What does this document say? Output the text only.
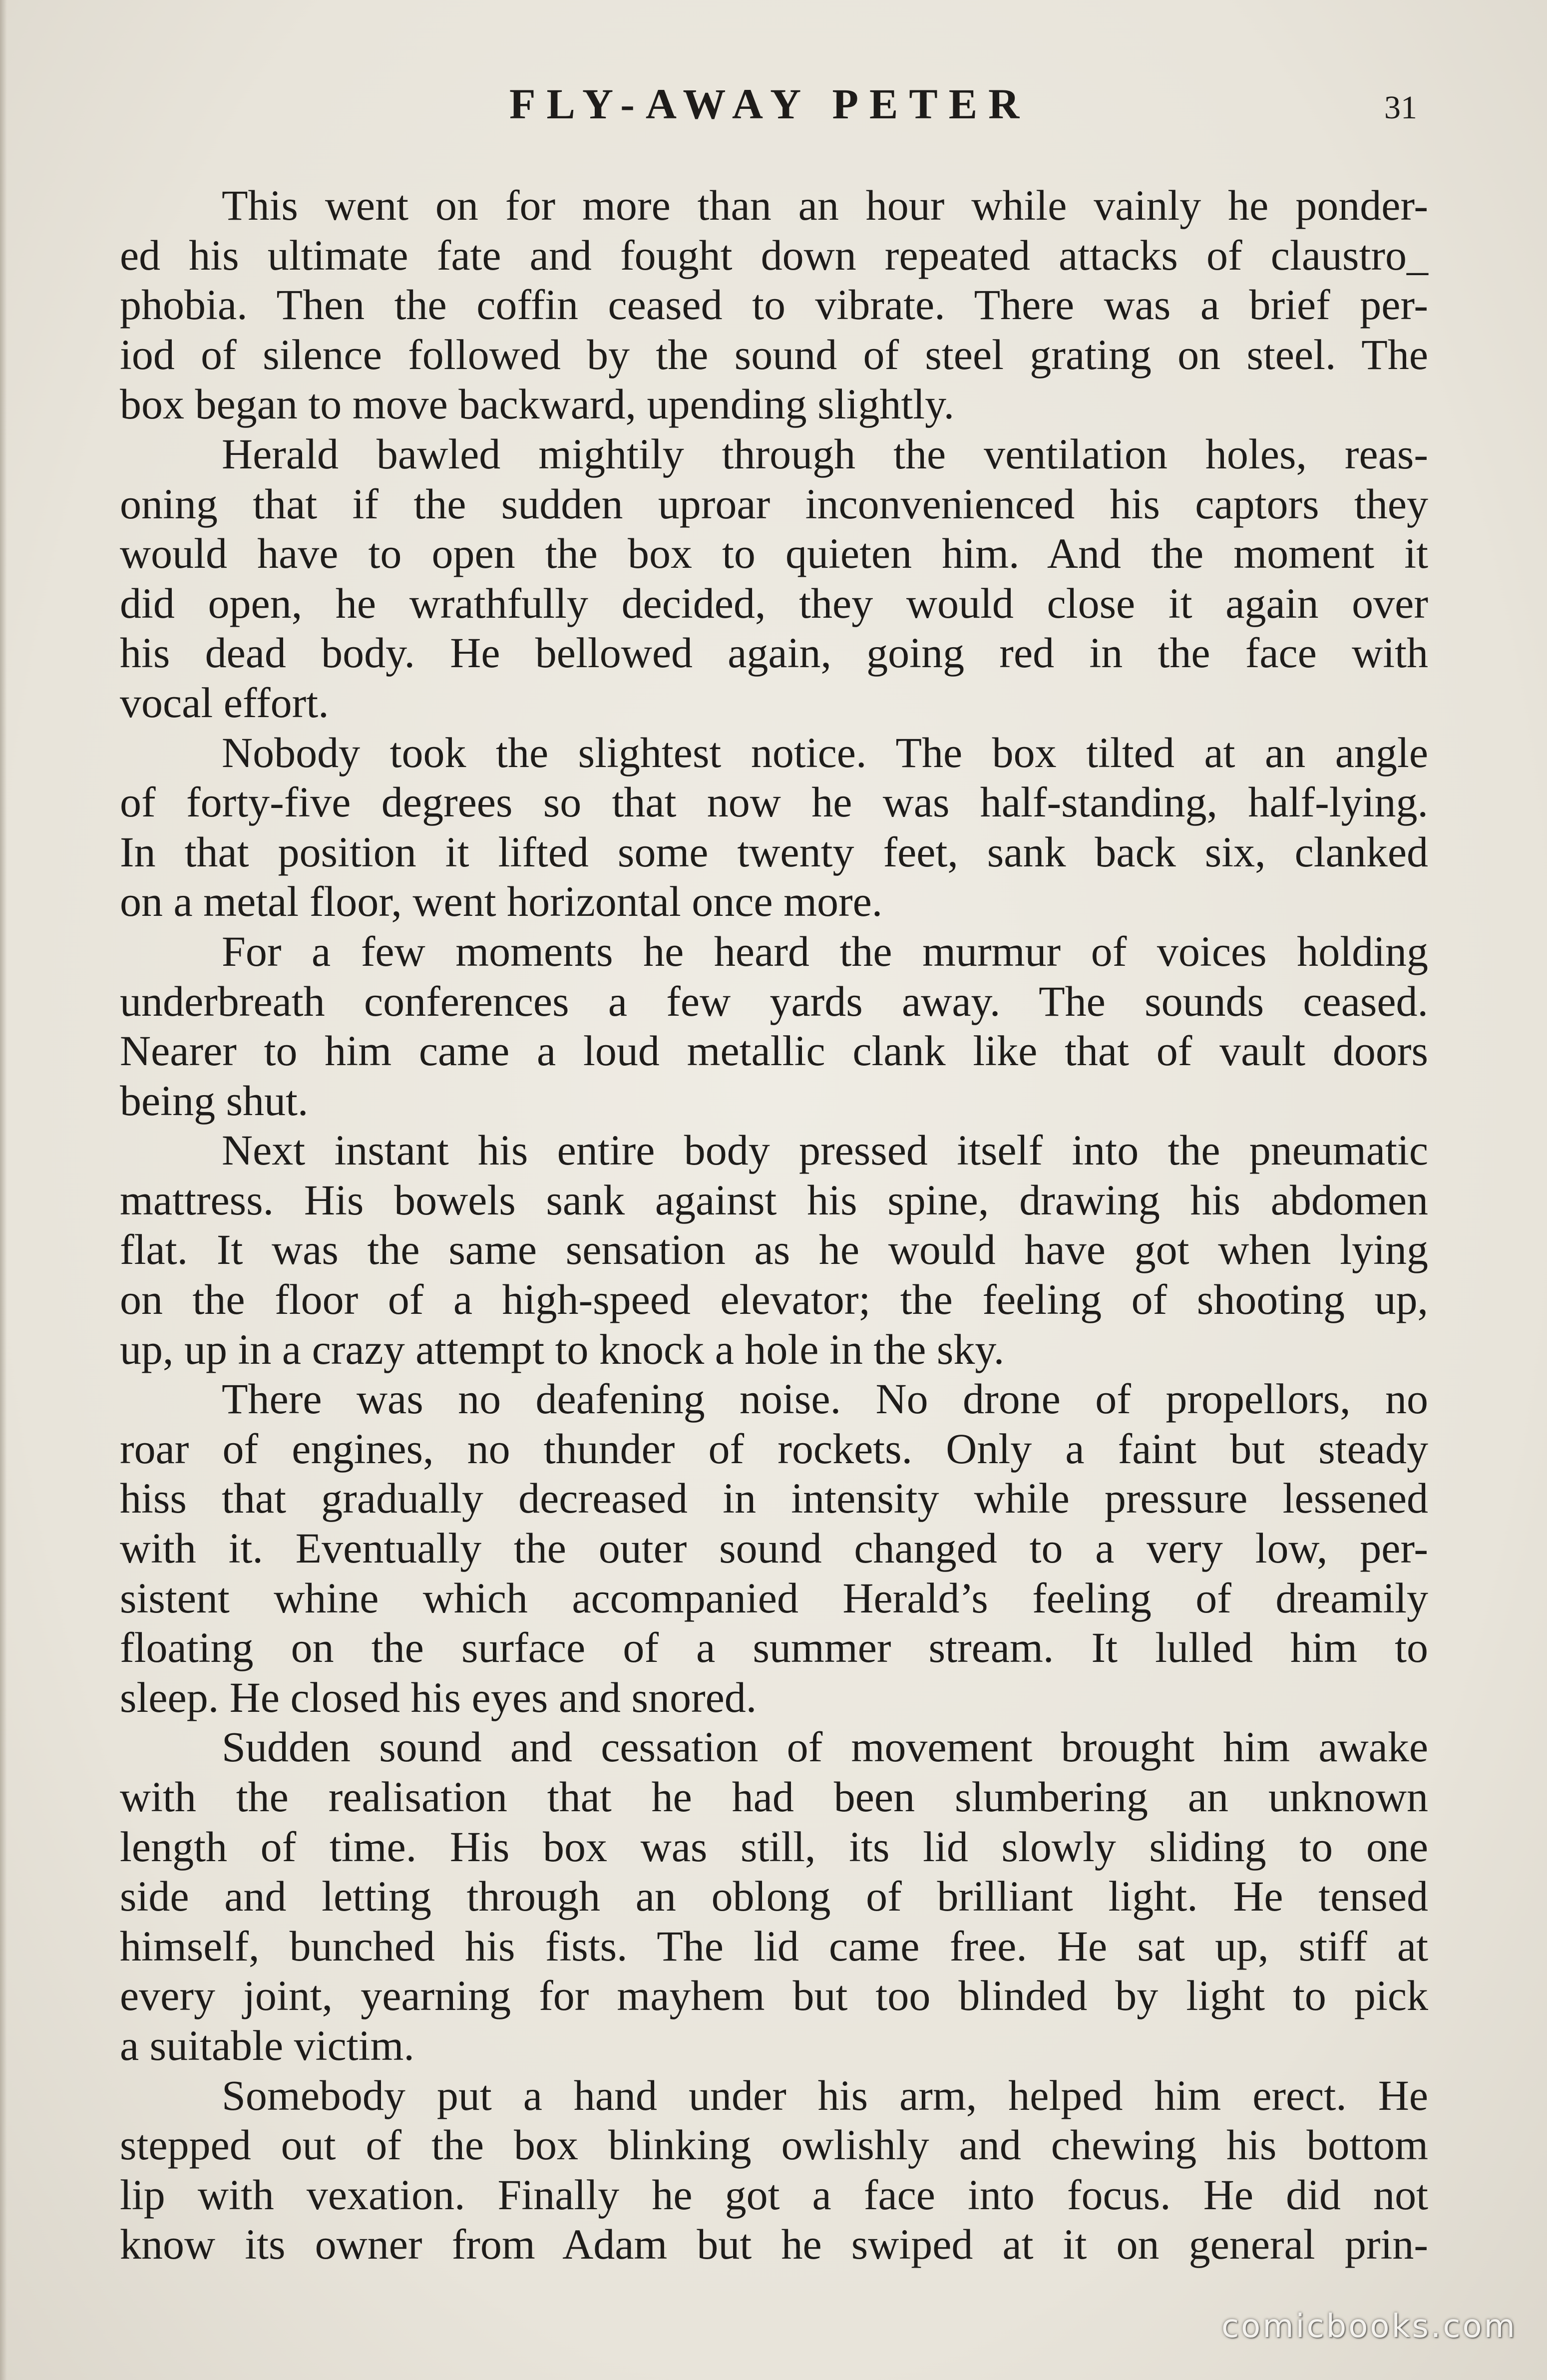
FLY-AWAY PETER	31
This went on for more than an hour while vainly he ponder-
ed his ultimate fate and fought down repeated attacks of claustro_
phobia. Then the coffin ceased to vibrate. There was a brief per-
iod of silence followed by the sound of steel grating on steel. The
box began to move backward, upending slightly.
Herald bawled mightily through the ventilation holes, reas-
oning that if the sudden uproar inconvenienced his captors they
would have to open the box to quieten him. And the moment it
did open, he wrathfully decided, they would close it again over
his dead body. He bellowed again, going red in the face with
vocal effort.
Nobody took the slightest notice. The box tilted at an angle
of forty-five degrees so that now he was half-standing, half-lying.
In that position it lifted some twenty feet, sank back six, clanked
on a metal floor, went horizontal once more.
For a few moments he heard the murmur of voices holding
underbreath conferences a few yards away. The sounds ceased.
Nearer to him came a loud metallic clank like that of vault doors
being shut.
Next instant his entire body pressed itself into the pneumatic
mattress. His bowels sank against his spine, drawing his abdomen
flat. It was the same sensation as he would have got when lying
on the floor of a high-speed elevator; the feeling of shooting up,
up, up in a crazy attempt to knock a hole in the sky.
There was no deafening noise. No drone of propellors, no
roar of engines, no thunder of rockets. Only a faint but steady
hiss that gradually decreased in intensity while pressure lessened
with it. Eventually the outer sound changed to a very low, per-
sistent whine which accompanied Herald’s feeling of dreamily
floating on the surface of a summer stream. It lulled him to
sleep. He closed his eyes and snored.
Sudden sound and cessation of movement brought him awake
with the realisation that he had been slumbering an unknown
length of time. His box was still, its lid slowly sliding to one
side and letting through an oblong of brilliant light. He tensed
himself, bunched his fists. The lid came free. He sat up, stiff at
every joint, yearning for mayhem but too blinded by light to pick
a suitable victim.
Somebody put a hand under his arm, helped him erect. He
stepped out of the box blinking owlishly and chewing his bottom
lip with vexation. Finally he got a face into focus. He did not
know its owner from Adam but he swiped at it on general prin-
comicbooks.com
